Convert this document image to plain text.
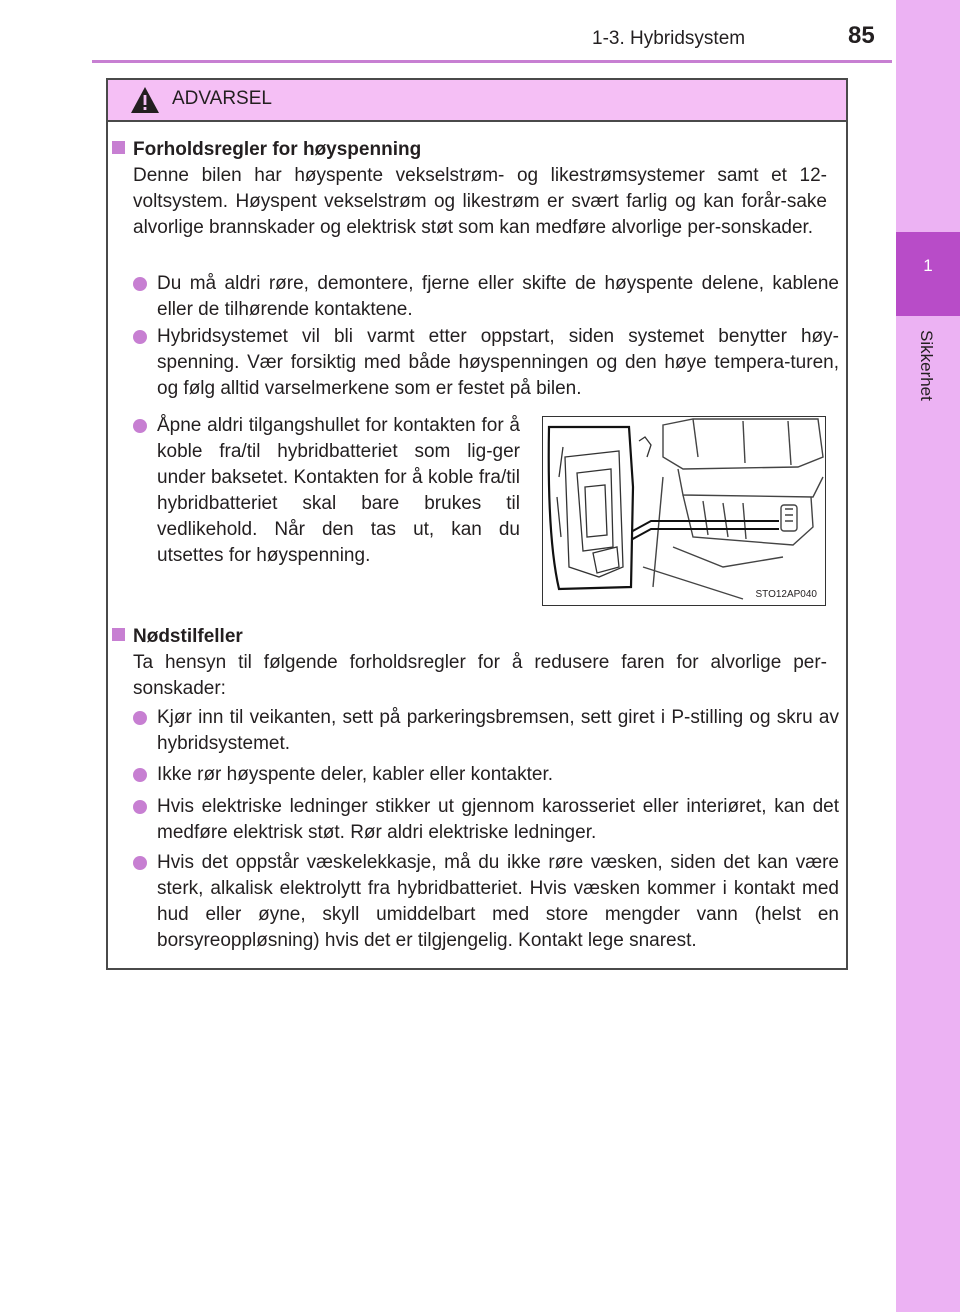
1-3. Hybridsystem	85
1
Sikkerhet
ADVARSEL
Forholdsregler for høyspenning
Denne bilen har høyspente vekselstrøm- og likestrømsystemer samt et 12-voltsystem. Høyspent vekselstrøm og likestrøm er svært farlig og kan forår-sake alvorlige brannskader og elektrisk støt som kan medføre alvorlige per-sonskader.
Du må aldri røre, demontere, fjerne eller skifte de høyspente delene, kablene eller de tilhørende kontaktene.
Hybridsystemet vil bli varmt etter oppstart, siden systemet benytter høy-spenning. Vær forsiktig med både høyspenningen og den høye tempera-turen, og følg alltid varselmerkene som er festet på bilen.
Åpne aldri tilgangshullet for kontakten for å koble fra/til hybridbatteriet som lig-ger under baksetet. Kontakten for å koble fra/til hybridbatteriet skal bare brukes til vedlikehold. Når den tas ut, kan du utsettes for høyspenning.
STO12AP040
Nødstilfeller
Ta hensyn til følgende forholdsregler for å redusere faren for alvorlige per-sonskader:
Kjør inn til veikanten, sett på parkeringsbremsen, sett giret i P-stilling og skru av hybridsystemet.
Ikke rør høyspente deler, kabler eller kontakter.
Hvis elektriske ledninger stikker ut gjennom karosseriet eller interiøret, kan det medføre elektrisk støt. Rør aldri elektriske ledninger.
Hvis det oppstår væskelekkasje, må du ikke røre væsken, siden det kan være sterk, alkalisk elektrolytt fra hybridbatteriet. Hvis væsken kommer i kontakt med hud eller øyne, skyll umiddelbart med store mengder vann (helst en borsyreoppløsning) hvis det er tilgjengelig. Kontakt lege snarest.
